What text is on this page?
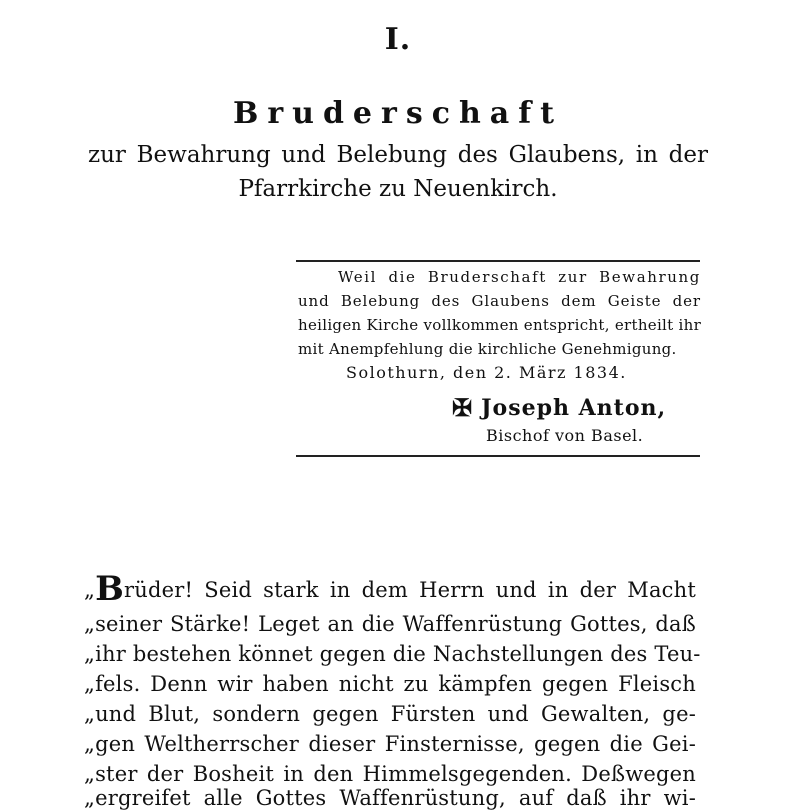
I.
Bruderschaft
zur Bewahrung und Belebung des Glaubens, in der
Pfarrkirche zu Neuenkirch.
Weil die Bruderschaft zur Bewahrung
und Belebung des Glaubens dem Geiste der
heiligen Kirche vollkommen entspricht, ertheilt ihr
mit Anempfehlung die kirchliche Genehmigung.
Solothurn, den 2. März 1834.
✠ Joseph Anton,
Bischof von Basel.
„Brüder! Seid stark in dem Herrn und in der Macht
„seiner Stärke! Leget an die Waffenrüstung Gottes, daß
„ihr bestehen könnet gegen die Nachstellungen des Teu-
„fels. Denn wir haben nicht zu kämpfen gegen Fleisch
„und Blut, sondern gegen Fürsten und Gewalten, ge-
„gen Weltherrscher dieser Finsternisse, gegen die Gei-
„ster der Bosheit in den Himmelsgegenden. Deßwegen
„ergreifet alle Gottes Waffenrüstung, auf daß ihr wi-
